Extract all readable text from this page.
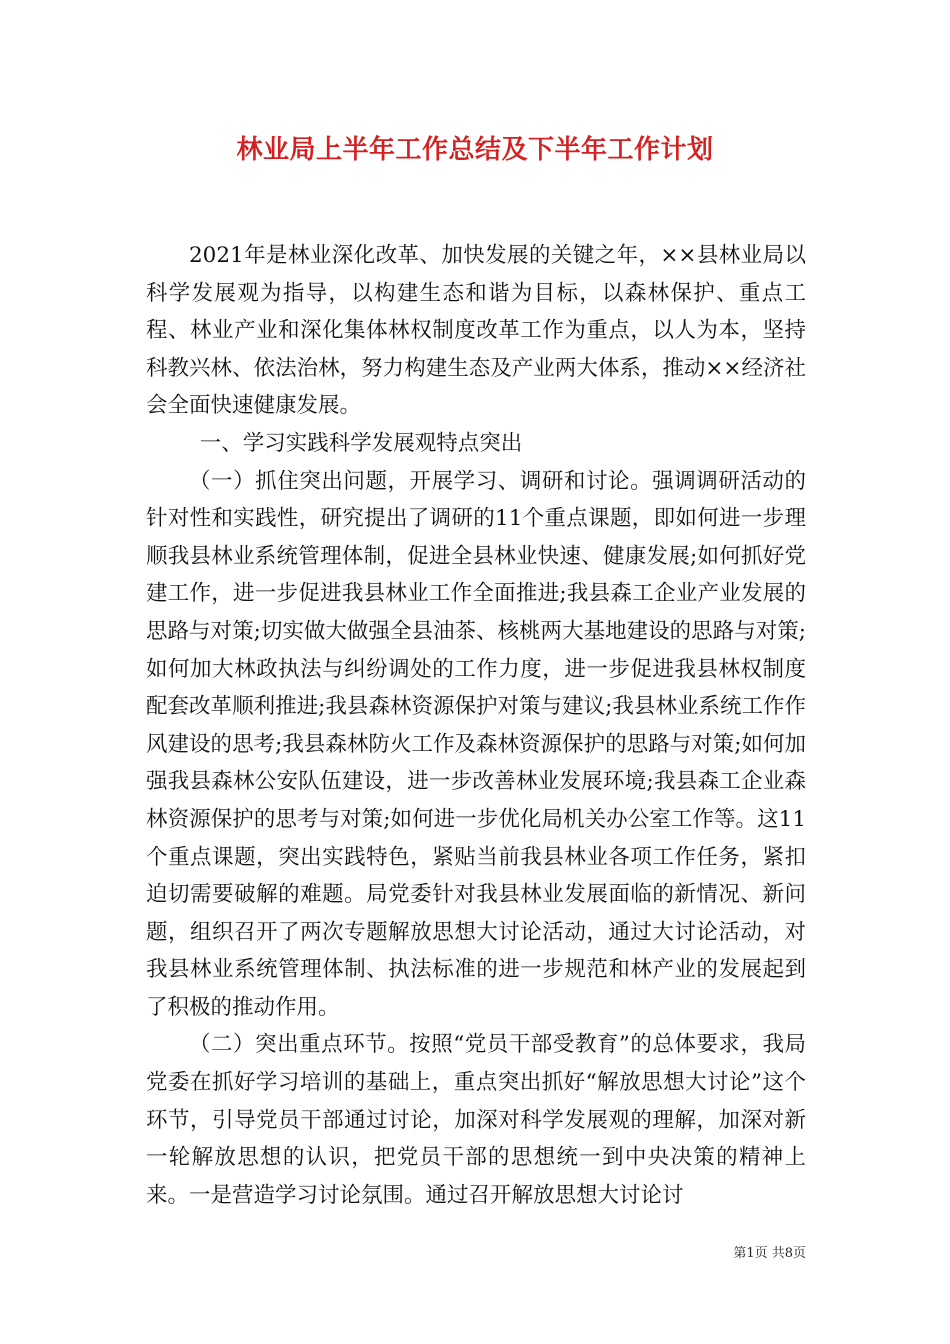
林业局上半年工作总结及下半年工作计划

2021年是林业深化改革、加快发展的关键之年，××县林业局以科学发展观为指导，以构建生态和谐为目标，以森林保护、重点工程、林业产业和深化集体林权制度改革工作为重点，以人为本，坚持科教兴林、依法治林，努力构建生态及产业两大体系，推动××经济社会全面快速健康发展。

一、学习实践科学发展观特点突出

（一）抓住突出问题，开展学习、调研和讨论。强调调研活动的针对性和实践性，研究提出了调研的11个重点课题，即如何进一步理顺我县林业系统管理体制，促进全县林业快速、健康发展;如何抓好党建工作，进一步促进我县林业工作全面推进;我县森工企业产业发展的思路与对策;切实做大做强全县油茶、核桃两大基地建设的思路与对策;如何加大林政执法与纠纷调处的工作力度，进一步促进我县林权制度配套改革顺利推进;我县森林资源保护对策与建议;我县林业系统工作作风建设的思考;我县森林防火工作及森林资源保护的思路与对策;如何加强我县森林公安队伍建设，进一步改善林业发展环境;我县森工企业森林资源保护的思考与对策;如何进一步优化局机关办公室工作等。这11个重点课题，突出实践特色，紧贴当前我县林业各项工作任务，紧扣迫切需要破解的难题。局党委针对我县林业发展面临的新情况、新问题，组织召开了两次专题解放思想大讨论活动，通过大讨论活动，对我县林业系统管理体制、执法标准的进一步规范和林产业的发展起到了积极的推动作用。

（二）突出重点环节。按照“党员干部受教育”的总体要求，我局党委在抓好学习培训的基础上，重点突出抓好“解放思想大讨论”这个环节，引导党员干部通过讨论，加深对科学发展观的理解，加深对新一轮解放思想的认识，把党员干部的思想统一到中央决策的精神上来。一是营造学习讨论氛围。通过召开解放思想大讨论讨

第1页 共8页
